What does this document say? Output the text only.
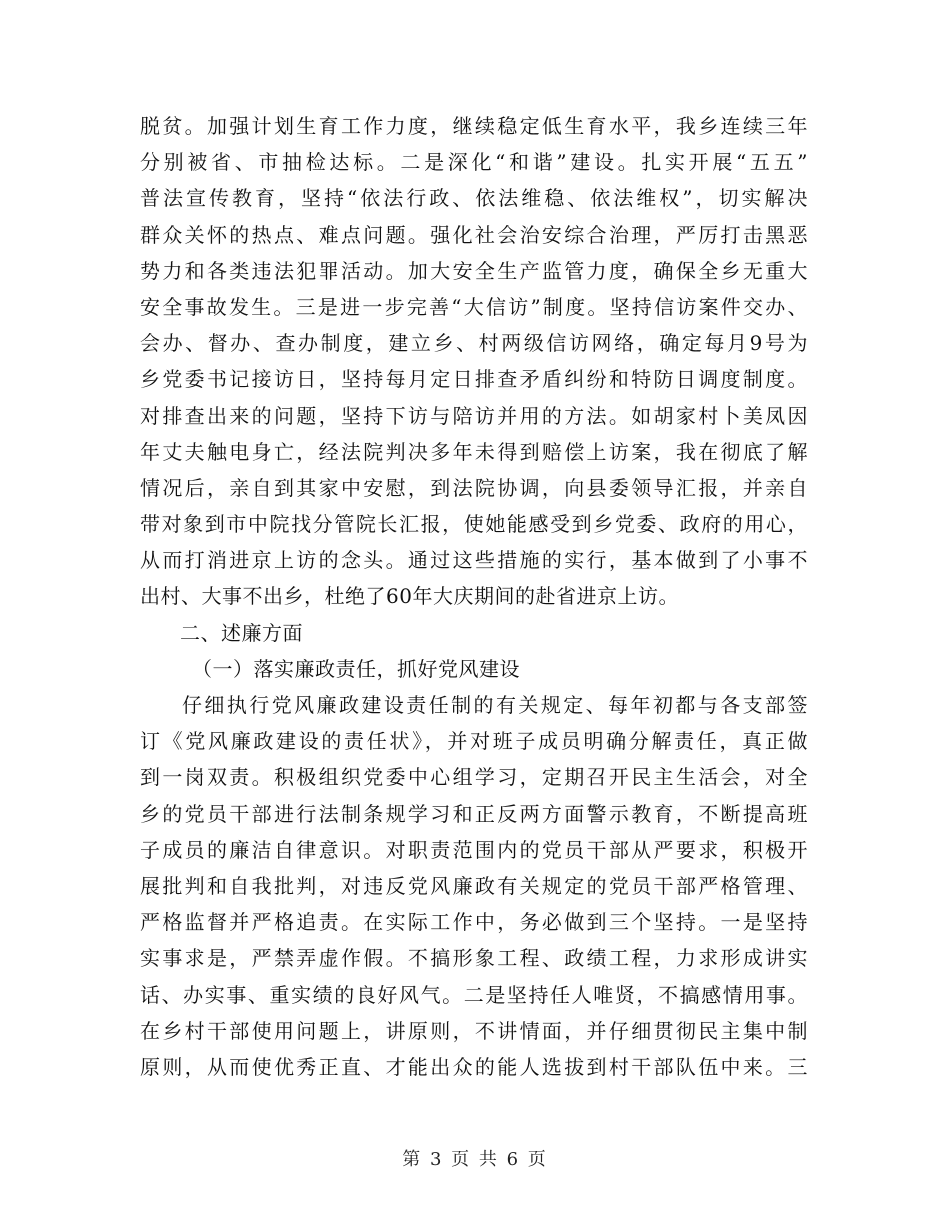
脱贫。加强计划生育工作力度，继续稳定低生育水平，我乡连续三年
分别被省、市抽检达标。二是深化“和谐”建设。扎实开展“五五”
普法宣传教育，坚持“依法行政、依法维稳、依法维权”，切实解决
群众关怀的热点、难点问题。强化社会治安综合治理，严厉打击黑恶
势力和各类违法犯罪活动。加大安全生产监管力度，确保全乡无重大
安全事故发生。三是进一步完善“大信访”制度。坚持信访案件交办、
会办、督办、查办制度，建立乡、村两级信访网络，确定每月9号为
乡党委书记接访日，坚持每月定日排查矛盾纠纷和特防日调度制度。
对排查出来的问题，坚持下访与陪访并用的方法。如胡家村卜美凤因
年丈夫触电身亡，经法院判决多年未得到赔偿上访案，我在彻底了解
情况后，亲自到其家中安慰，到法院协调，向县委领导汇报，并亲自
带对象到市中院找分管院长汇报，使她能感受到乡党委、政府的用心，
从而打消进京上访的念头。通过这些措施的实行，基本做到了小事不
出村、大事不出乡，杜绝了60年大庆期间的赴省进京上访。
二、述廉方面
（一）落实廉政责任，抓好党风建设
仔细执行党风廉政建设责任制的有关规定、每年初都与各支部签
订《党风廉政建设的责任状》，并对班子成员明确分解责任，真正做
到一岗双责。积极组织党委中心组学习，定期召开民主生活会，对全
乡的党员干部进行法制条规学习和正反两方面警示教育，不断提高班
子成员的廉洁自律意识。对职责范围内的党员干部从严要求，积极开
展批判和自我批判，对违反党风廉政有关规定的党员干部严格管理、
严格监督并严格追责。在实际工作中，务必做到三个坚持。一是坚持
实事求是，严禁弄虚作假。不搞形象工程、政绩工程，力求形成讲实
话、办实事、重实绩的良好风气。二是坚持任人唯贤，不搞感情用事。
在乡村干部使用问题上，讲原则，不讲情面，并仔细贯彻民主集中制
原则，从而使优秀正直、才能出众的能人选拔到村干部队伍中来。三
第 3 页 共 6 页
